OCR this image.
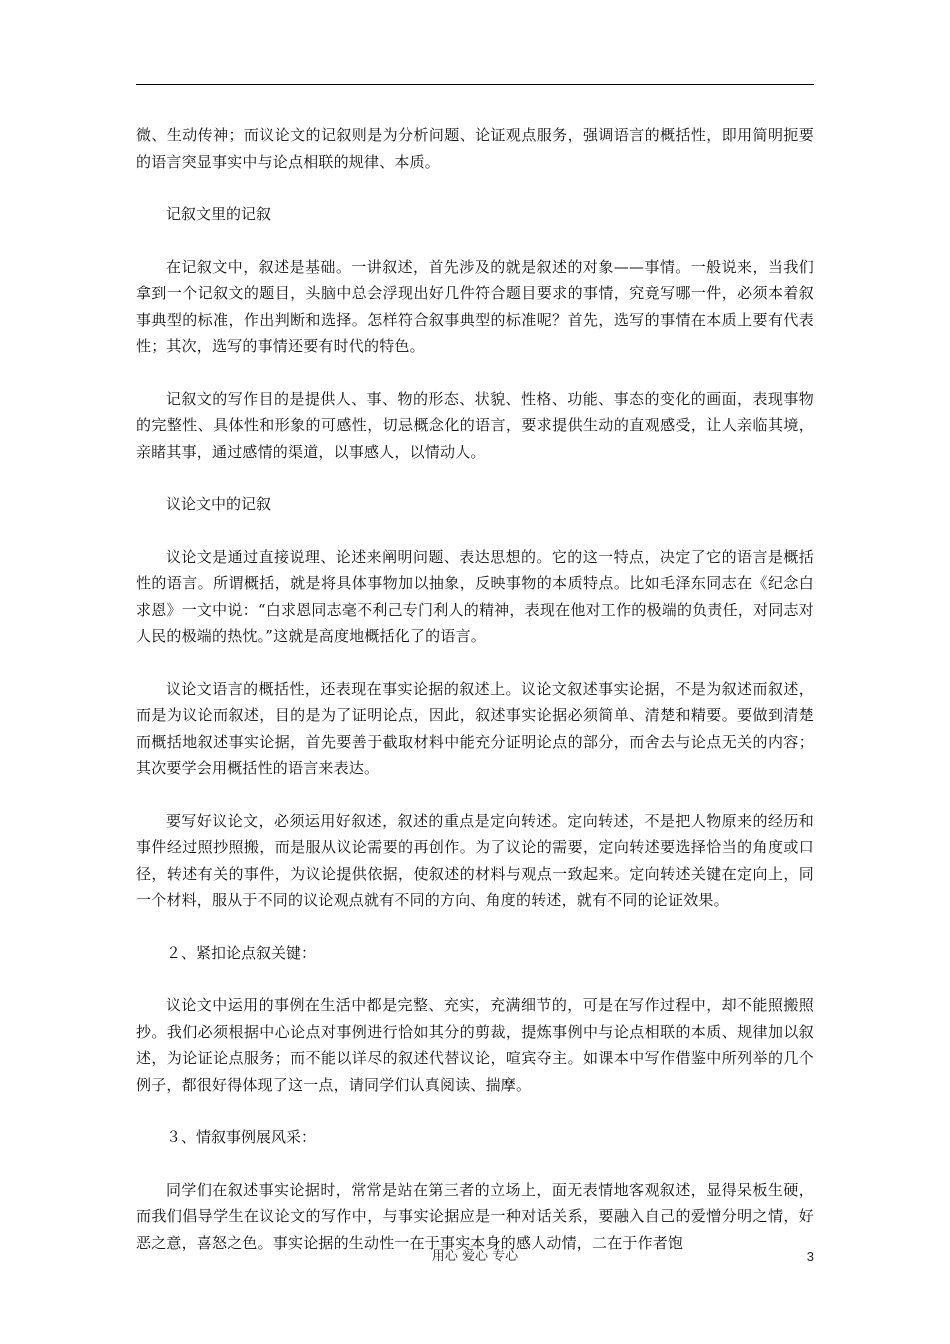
微、生动传神；而议论文的记叙则是为分析问题、论证观点服务，强调语言的概括性，即用简明扼要的语言突显事实中与论点相联的规律、本质。

记叙文里的记叙

在记叙文中，叙述是基础。一讲叙述，首先涉及的就是叙述的对象——事情。一般说来，当我们拿到一个记叙文的题目，头脑中总会浮现出好几件符合题目要求的事情，究竟写哪一件，必须本着叙事典型的标准，作出判断和选择。怎样符合叙事典型的标准呢？首先，选写的事情在本质上要有代表性；其次，选写的事情还要有时代的特色。

记叙文的写作目的是提供人、事、物的形态、状貌、性格、功能、事态的变化的画面，表现事物的完整性、具体性和形象的可感性，切忌概念化的语言，要求提供生动的直观感受，让人亲临其境，亲睹其事，通过感情的渠道，以事感人，以情动人。

议论文中的记叙

议论文是通过直接说理、论述来阐明问题、表达思想的。它的这一特点，决定了它的语言是概括性的语言。所谓概括，就是将具体事物加以抽象，反映事物的本质特点。比如毛泽东同志在《纪念白求恩》一文中说：“白求恩同志毫不利己专门利人的精神，表现在他对工作的极端的负责任，对同志对人民的极端的热忱。”这就是高度地概括化了的语言。

议论文语言的概括性，还表现在事实论据的叙述上。议论文叙述事实论据，不是为叙述而叙述，而是为议论而叙述，目的是为了证明论点，因此，叙述事实论据必须简单、清楚和精要。要做到清楚而概括地叙述事实论据，首先要善于截取材料中能充分证明论点的部分，而舍去与论点无关的内容；其次要学会用概括性的语言来表达。

要写好议论文，必须运用好叙述，叙述的重点是定向转述。定向转述，不是把人物原来的经历和事件经过照抄照搬，而是服从议论需要的再创作。为了议论的需要，定向转述要选择恰当的角度或口径，转述有关的事件，为议论提供依据，使叙述的材料与观点一致起来。定向转述关键在定向上，同一个材料，服从于不同的议论观点就有不同的方向、角度的转述，就有不同的论证效果。

２、紧扣论点叙关键：

议论文中运用的事例在生活中都是完整、充实，充满细节的，可是在写作过程中，却不能照搬照抄。我们必须根据中心论点对事例进行恰如其分的剪裁，提炼事例中与论点相联的本质、规律加以叙述，为论证论点服务；而不能以详尽的叙述代替议论，喧宾夺主。如课本中写作借鉴中所列举的几个例子，都很好得体现了这一点，请同学们认真阅读、揣摩。

３、情叙事例展风采：

同学们在叙述事实论据时，常常是站在第三者的立场上，面无表情地客观叙述，显得呆板生硬，而我们倡导学生在议论文的写作中，与事实论据应是一种对话关系，要融入自己的爱憎分明之情，好恶之意，喜怒之色。事实论据的生动性一在于事实本身的感人动情，二在于作者饱

用心 爱心 专心	3
